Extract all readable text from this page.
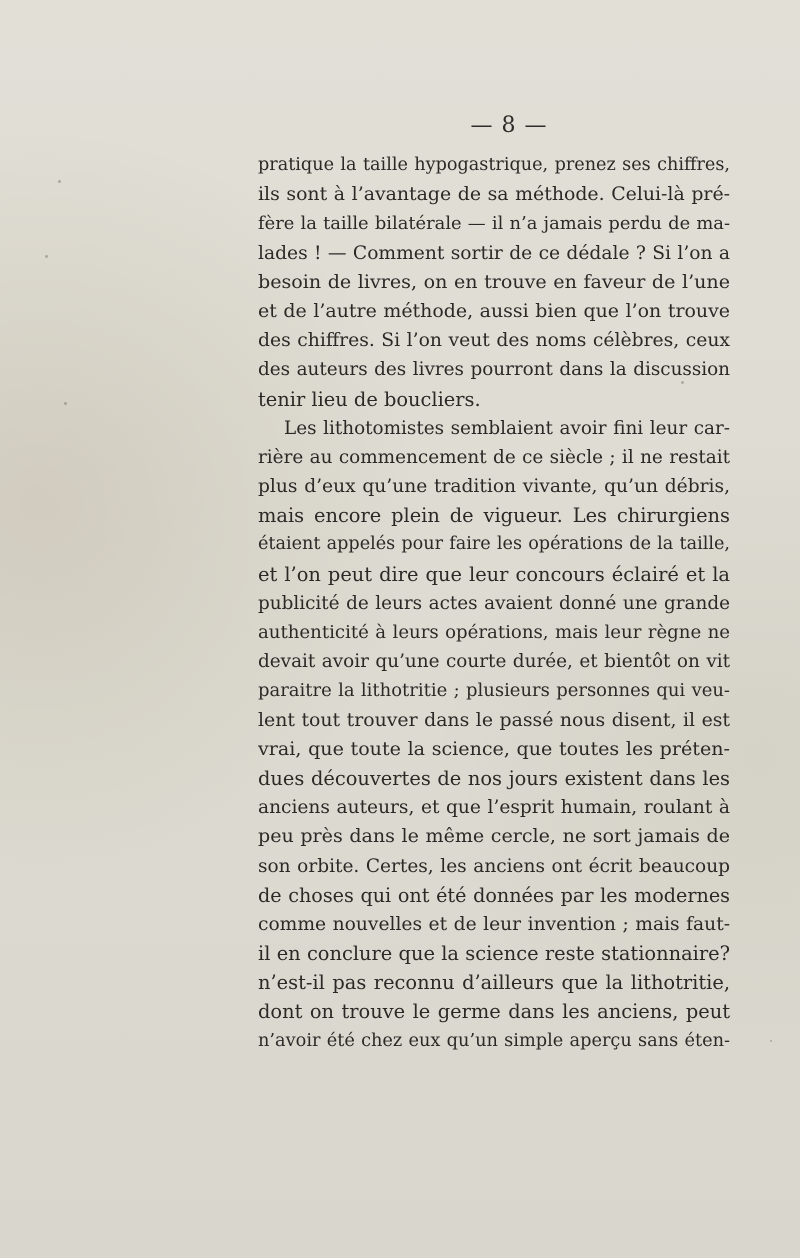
— 8 —
pratique la taille hypogastrique, prenez ses chiffres,
ils sont à l’avantage de sa méthode. Celui-là pré-
fère la taille bilatérale — il n’a jamais perdu de ma-
lades ! — Comment sortir de ce dédale ? Si l’on a
besoin de livres, on en trouve en faveur de l’une
et de l’autre méthode, aussi bien que l’on trouve
des chiffres. Si l’on veut des noms célèbres, ceux
des auteurs des livres pourront dans la discussion
tenir lieu de boucliers.
Les lithotomistes semblaient avoir fini leur car-
rière au commencement de ce siècle ; il ne restait
plus d’eux qu’une tradition vivante, qu’un débris,
mais encore plein de vigueur. Les chirurgiens
étaient appelés pour faire les opérations de la taille,
et l’on peut dire que leur concours éclairé et la
publicité de leurs actes avaient donné une grande
authenticité à leurs opérations, mais leur règne ne
devait avoir qu’une courte durée, et bientôt on vit
paraitre la lithotritie ; plusieurs personnes qui veu-
lent tout trouver dans le passé nous disent, il est
vrai, que toute la science, que toutes les préten-
dues découvertes de nos jours existent dans les
anciens auteurs, et que l’esprit humain, roulant à
peu près dans le même cercle, ne sort jamais de
son orbite. Certes, les anciens ont écrit beaucoup
de choses qui ont été données par les modernes
comme nouvelles et de leur invention ; mais faut-
il en conclure que la science reste stationnaire?
n’est-il pas reconnu d’ailleurs que la lithotritie,
dont on trouve le germe dans les anciens, peut
n’avoir été chez eux qu’un simple aperçu sans éten-
